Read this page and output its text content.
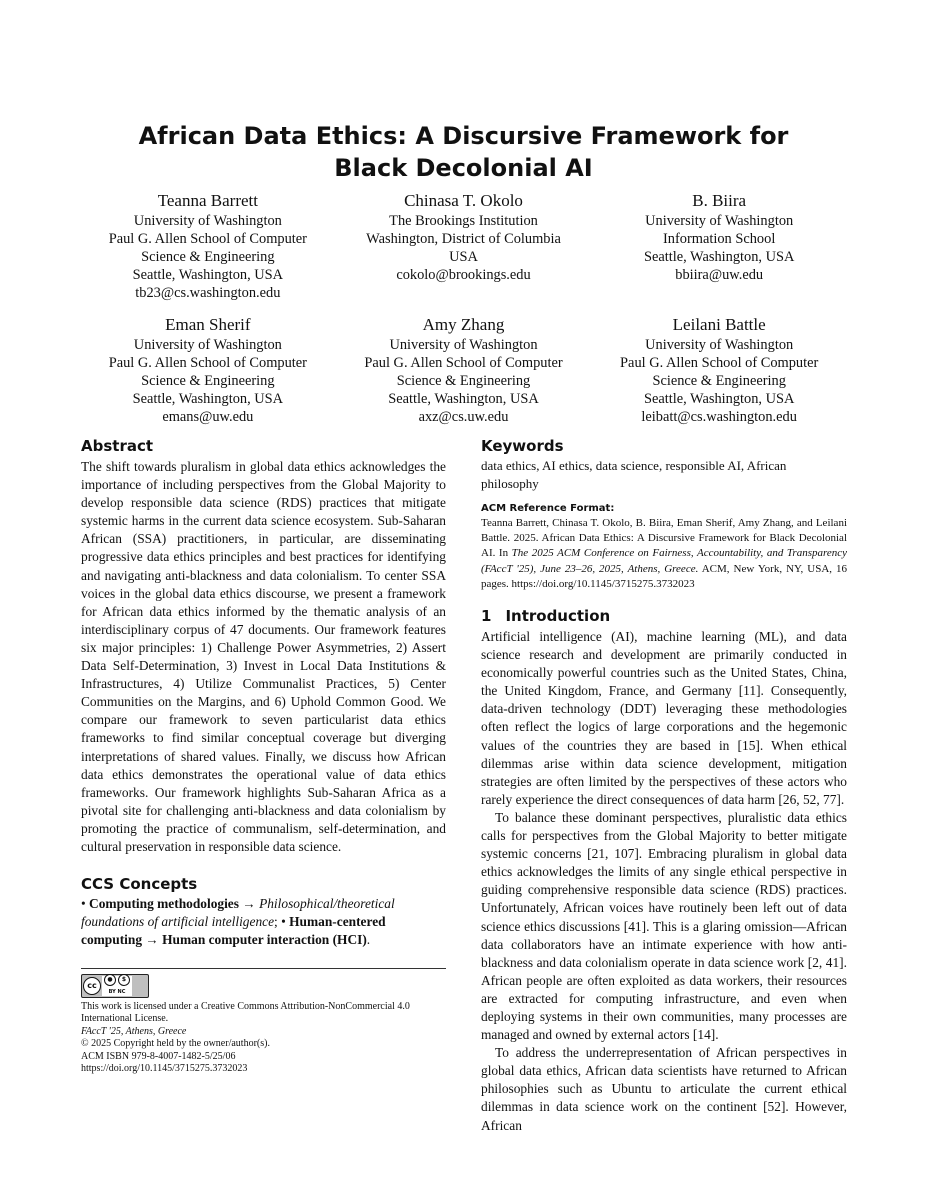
African Data Ethics: A Discursive Framework for Black Decolonial AI
Teanna Barrett
University of Washington
Paul G. Allen School of Computer
Science & Engineering
Seattle, Washington, USA
tb23@cs.washington.edu
Chinasa T. Okolo
The Brookings Institution
Washington, District of Columbia
USA
cokolo@brookings.edu
B. Biira
University of Washington
Information School
Seattle, Washington, USA
bbiira@uw.edu
Eman Sherif
University of Washington
Paul G. Allen School of Computer
Science & Engineering
Seattle, Washington, USA
emans@uw.edu
Amy Zhang
University of Washington
Paul G. Allen School of Computer
Science & Engineering
Seattle, Washington, USA
axz@cs.uw.edu
Leilani Battle
University of Washington
Paul G. Allen School of Computer
Science & Engineering
Seattle, Washington, USA
leibatt@cs.washington.edu
Abstract

The shift towards pluralism in global data ethics acknowledges the importance of including perspectives from the Global Majority to develop responsible data science (RDS) practices that mitigate systemic harms in the current data science ecosystem. Sub-Saharan African (SSA) practitioners, in particular, are disseminating progressive data ethics principles and best practices for identifying and navigating anti-blackness and data colonialism. To center SSA voices in the global data ethics discourse, we present a framework for African data ethics informed by the thematic analysis of an interdisciplinary corpus of 47 documents. Our framework features six major principles: 1) Challenge Power Asymmetries, 2) Assert Data Self-Determination, 3) Invest in Local Data Institutions & Infrastructures, 4) Utilize Communalist Practices, 5) Center Communities on the Margins, and 6) Uphold Common Good. We compare our framework to seven particularist data ethics frameworks to find similar conceptual coverage but diverging interpretations of shared values. Finally, we discuss how African data ethics demonstrates the operational value of data ethics frameworks. Our framework highlights Sub-Saharan Africa as a pivotal site for challenging anti-blackness and data colonialism by promoting the practice of communalism, self-determination, and cultural preservation in responsible data science.

CCS Concepts

• Computing methodologies → Philosophical/theoretical foundations of artificial intelligence; • Human-centered computing → Human computer interaction (HCI).

cc
●	$
BY NC
This work is licensed under a Creative Commons Attribution-NonCommercial 4.0 International License.
FAccT '25, Athens, Greece
© 2025 Copyright held by the owner/author(s).
ACM ISBN 979-8-4007-1482-5/25/06
https://doi.org/10.1145/3715275.3732023
Keywords

data ethics, AI ethics, data science, responsible AI, African philosophy

ACM Reference Format:

Teanna Barrett, Chinasa T. Okolo, B. Biira, Eman Sherif, Amy Zhang, and Leilani Battle. 2025. African Data Ethics: A Discursive Framework for Black Decolonial AI. In The 2025 ACM Conference on Fairness, Accountability, and Transparency (FAccT '25), June 23–26, 2025, Athens, Greece. ACM, New York, NY, USA, 16 pages. https://doi.org/10.1145/3715275.3732023

1 Introduction

Artificial intelligence (AI), machine learning (ML), and data science research and development are primarily conducted in economically powerful countries such as the United States, China, the United Kingdom, France, and Germany [11]. Consequently, data-driven technology (DDT) leveraging these methodologies often reflect the logics of large corporations and the hegemonic values of the countries they are based in [15]. When ethical dilemmas arise within data science development, mitigation strategies are often limited by the perspectives of these actors who rarely experience the direct consequences of data harm [26, 52, 77].

To balance these dominant perspectives, pluralistic data ethics calls for perspectives from the Global Majority to better mitigate systemic concerns [21, 107]. Embracing pluralism in global data ethics acknowledges the limits of any single ethical perspective in guiding comprehensive responsible data science (RDS) practices. Unfortunately, African voices have routinely been left out of data science ethics discussions [41]. This is a glaring omission—African data collaborators have an intimate experience with how anti-blackness and data colonialism operate in data science work [2, 41]. African people are often exploited as data workers, their resources are extracted for computing infrastructure, and even when deploying systems in their own communities, many processes are managed and owned by external actors [14].

To address the underrepresentation of African perspectives in global data ethics, African data scientists have returned to African philosophies such as Ubuntu to articulate the current ethical dilemmas in data science work on the continent [52]. However, African
